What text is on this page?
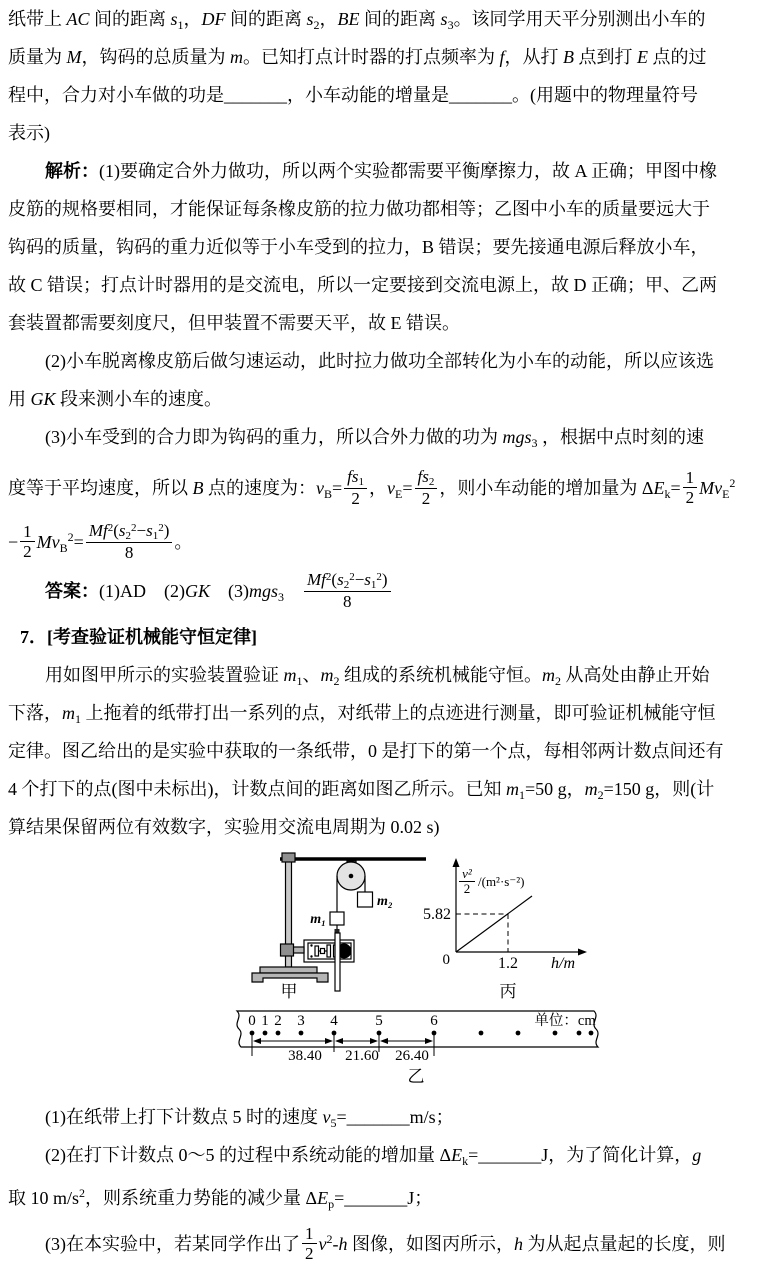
纸带上 AC 间的距离 $s_1$，DF 间的距离 $s_2$，BE 间的距离 $s_3$。该同学用天平分别测出小车的
质量为 M，钩码的总质量为 m。已知打点计时器的打点频率为 f，从打 B 点到打 E 点的过
程中，合力对小车做的功是_______，小车动能的增量是_______。(用题中的物理量符号
表示)
解析：(1)要确定合外力做功，所以两个实验都需要平衡摩擦力，故 A 正确；甲图中橡
皮筋的规格要相同，才能保证每条橡皮筋的拉力做功都相等；乙图中小车的质量要远大于
钩码的质量，钩码的重力近似等于小车受到的拉力，B 错误；要先接通电源后释放小车，
故 C 错误；打点计时器用的是交流电，所以一定要接到交流电源上，故 D 正确；甲、乙两
套装置都需要刻度尺，但甲装置不需要天平，故 E 错误。
(2)小车脱离橡皮筋后做匀速运动，此时拉力做功全部转化为小车的动能，所以应该选
用 GK 段来测小车的速度。
(3)小车受到的合力即为钩码的重力，所以合外力做的功为 mgs$_3$ ，根据中点时刻的速
度等于平均速度，所以 B 点的速度为：$v_B= \frac{fs1}{2}$ ，$v_E= \frac{fs2}{2}$ ，则小车动能的增加量为 $\Delta E_k= \frac{1}{2} Mv_E^2$
− $\frac{1}{2} Mv_B^2= \frac{Mf^2(s2^2-s1^2)}{8}$ 。
答案：(1)AD　(2)GK　(3)mgs$_3$　 $\frac{Mf^2(s2^2-s1^2)}{8}$
7．[考查验证机械能守恒定律]
用如图甲所示的实验装置验证 $m_1$、$m_2$ 组成的系统机械能守恒。$m_2$ 从高处由静止开始
下落，$m_1$ 上拖着的纸带打出一系列的点，对纸带上的点迹进行测量，即可验证机械能守恒
定律。图乙给出的是实验中获取的一条纸带，0 是打下的第一个点，每相邻两计数点间还有
4 个打下的点(图中未标出)，计数点间的距离如图乙所示。已知 $m_1=50$ g，$m_2=150$ g，则(计
算结果保留两位有效数字，实验用交流电周期为 0.02 s)
m₂
m₁
甲
5.82
0	1.2 h/m
v²
2 /(m²·s⁻²)
丙
0 1 2 3 4	5	6
38.40 21.60 26.40
单位：cm
乙
(1)在纸带上打下计数点 5 时的速度 $v_5=\_\_\_\_\_\_\_m/s$；
(2)在打下计数点 0～5 的过程中系统动能的增加量 $\Delta E_k=\_\_\_\_\_\_\_J$，为了简化计算，g
取 10 $m/s^2$，则系统重力势能的减少量 $\Delta E_p=\_\_\_\_\_\_\_J$；
(3)在本实验中，若某同学作出了 $\frac{1}{2} v^2-h$ 图像，如图丙所示，h 为从起点量起的长度，则
